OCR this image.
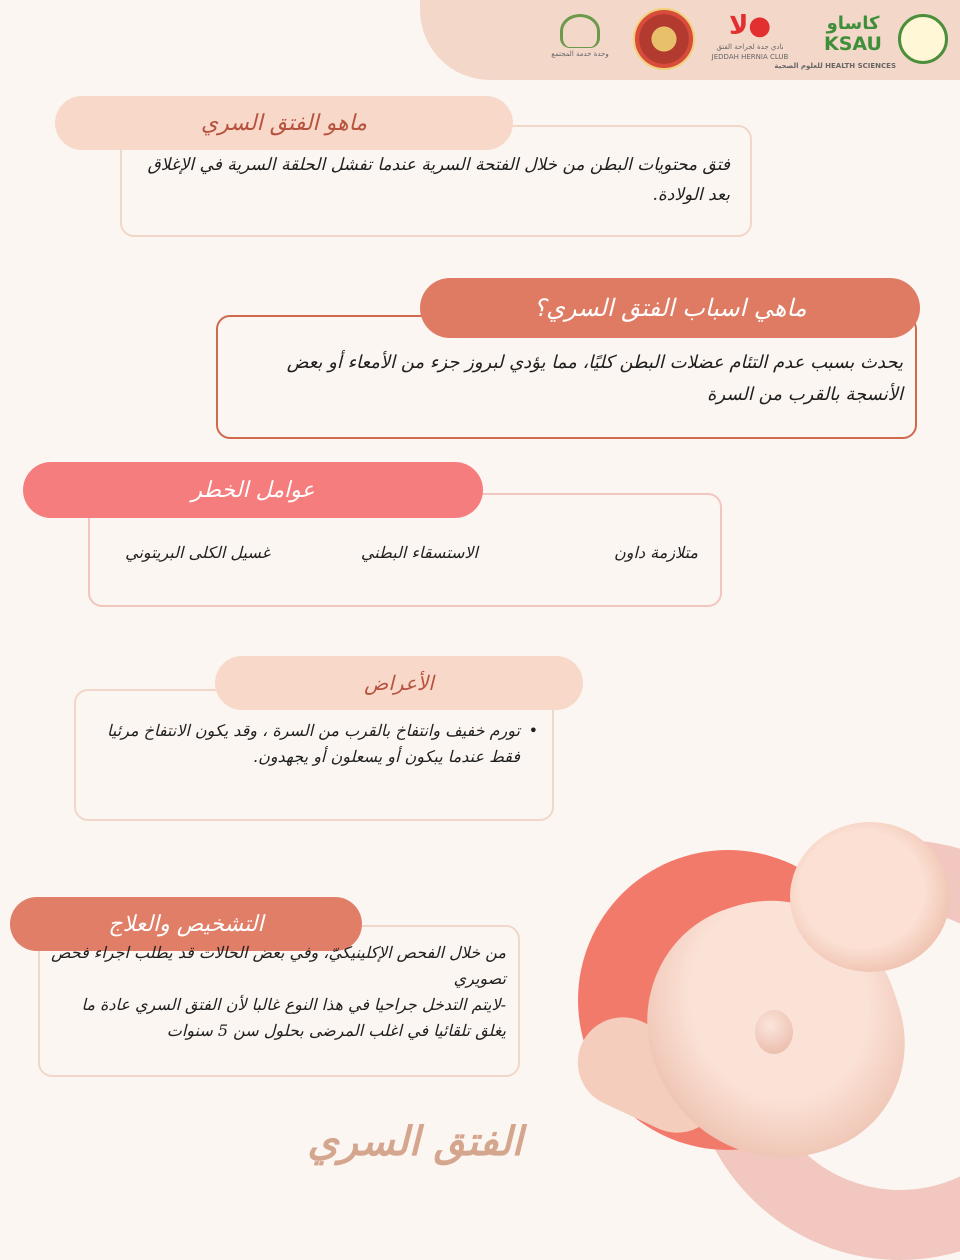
كاساو
KSAU
HEALTH SCIENCES للعلوم الصحية
●ﻻ
نادي جدة لجراحة الفتق
JEDDAH HERNIA CLUB
وحدة خدمة المجتمع
ماهو الفتق السري
فتق محتويات البطن من خلال الفتحة السرية عندما تفشل الحلقة السرية في الإغلاق بعد الولادة.
ماهي اسباب الفتق السري؟
يحدث بسبب عدم التئام عضلات البطن كليًا، مما يؤدي لبروز جزء من الأمعاء أو بعض الأنسجة بالقرب من السرة
عوامل الخطر
متلازمة داون
الاستسقاء البطني
غسيل الكلى البريتوني
الأعراض
• تورم خفيف وانتفاخ بالقرب من السرة ، وقد يكون الانتفاخ مرئيا فقط عندما يبكون أو يسعلون أو يجهدون.
التشخيص والعلاج
من خلال الفحص الإكلينيكيّ، وفي بعض الحالات قد يطلب اجراء فحص تصويري
-لايتم التدخل جراحيا في هذا النوع غالبا لأن الفتق السري عادة ما يغلق تلقائيا في اغلب المرضى بحلول سن 5 سنوات
الفتق السري
